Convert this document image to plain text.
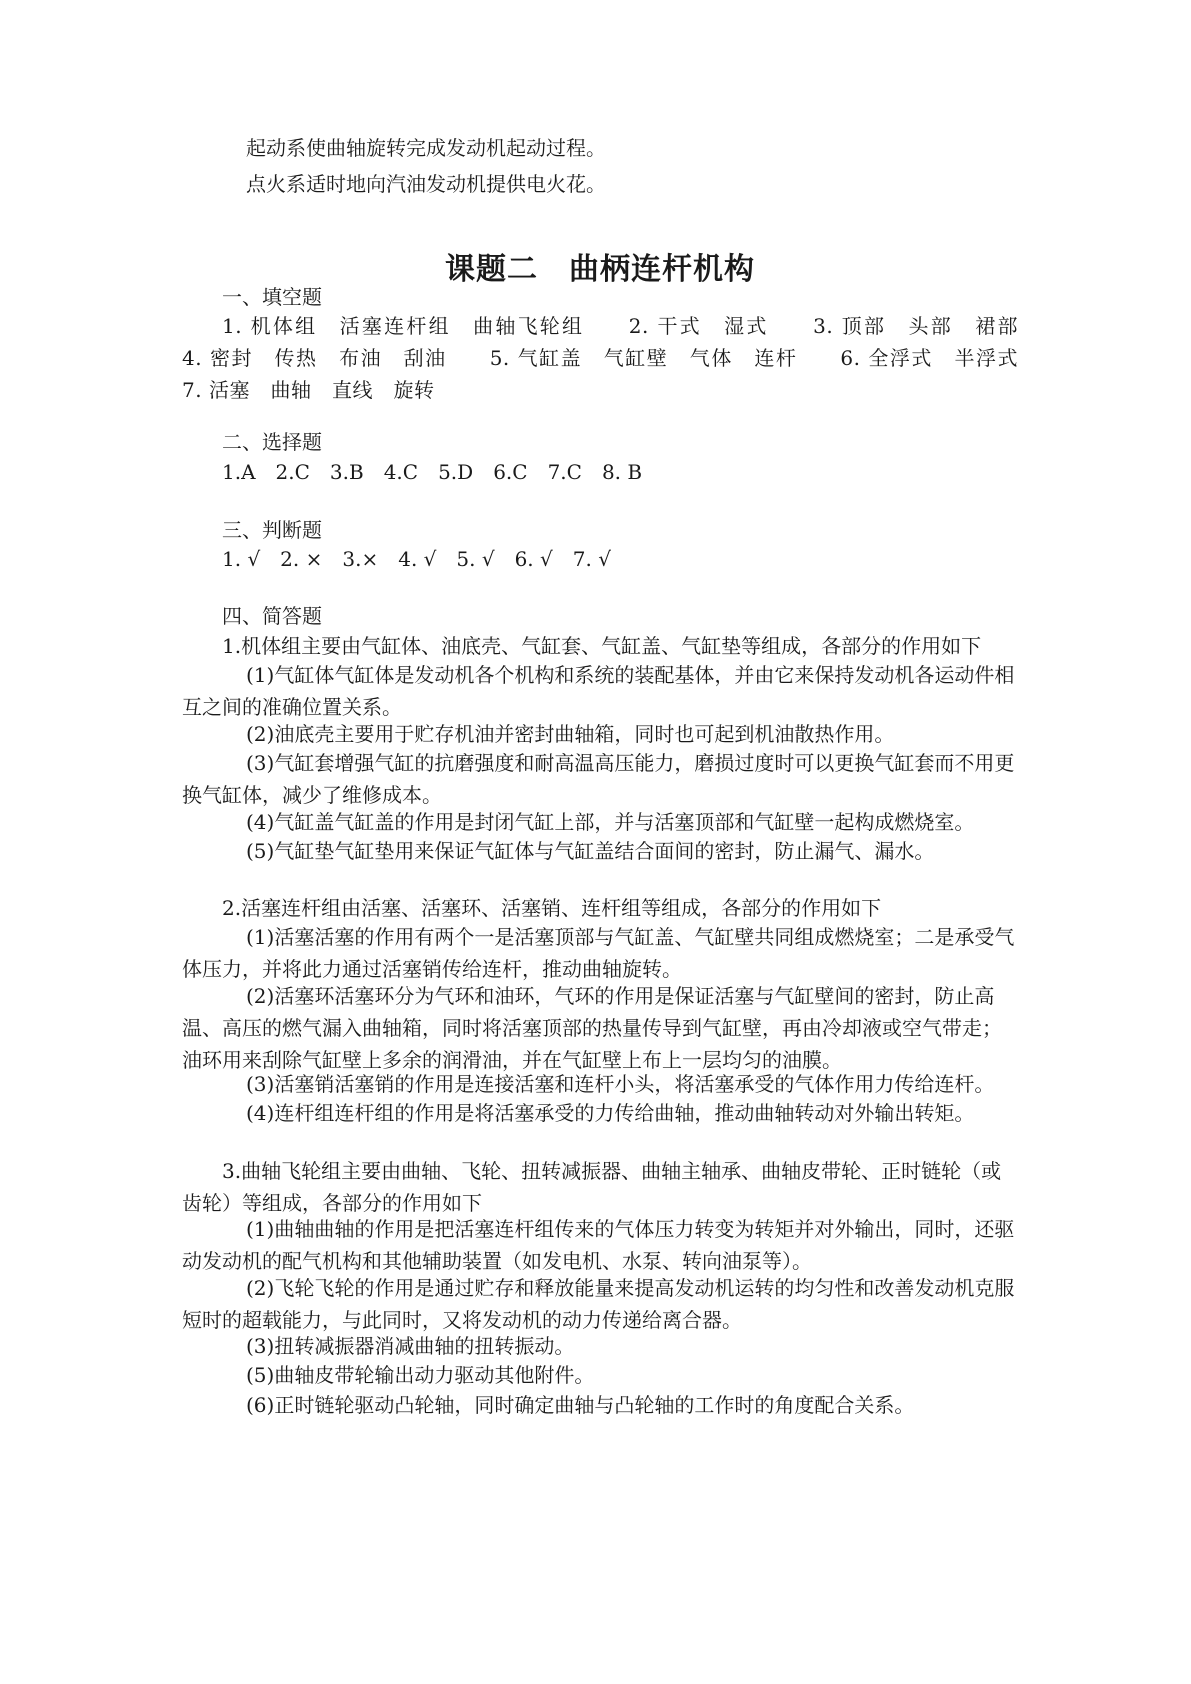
起动系使曲轴旋转完成发动机起动过程。

点火系适时地向汽油发动机提供电火花。

课题二　曲柄连杆机构

一、填空题

1. 机体组　活塞连杆组　曲轴飞轮组　　2. 干式　湿式　　3. 顶部　头部　裙部　　4. 密封　传热　布油　刮油　　5. 气缸盖　气缸壁　气体　连杆　　6. 全浮式　半浮式　　7. 活塞　曲轴　直线　旋转

二、选择题

1.A　2.C　3.B　4.C　5.D　6.C　7.C　8. B

三、判断题

1. √　2. ×　3.×　4. √　5. √　6. √　7. √

四、简答题

1.机体组主要由气缸体、油底壳、气缸套、气缸盖、气缸垫等组成，各部分的作用如下

(1)气缸体气缸体是发动机各个机构和系统的装配基体，并由它来保持发动机各运动件相互之间的准确位置关系。

(2)油底壳主要用于贮存机油并密封曲轴箱，同时也可起到机油散热作用。

(3)气缸套增强气缸的抗磨强度和耐高温高压能力，磨损过度时可以更换气缸套而不用更换气缸体，减少了维修成本。

(4)气缸盖气缸盖的作用是封闭气缸上部，并与活塞顶部和气缸壁一起构成燃烧室。

(5)气缸垫气缸垫用来保证气缸体与气缸盖结合面间的密封，防止漏气、漏水。

2.活塞连杆组由活塞、活塞环、活塞销、连杆组等组成，各部分的作用如下

(1)活塞活塞的作用有两个一是活塞顶部与气缸盖、气缸壁共同组成燃烧室；二是承受气体压力，并将此力通过活塞销传给连杆，推动曲轴旋转。

(2)活塞环活塞环分为气环和油环，气环的作用是保证活塞与气缸壁间的密封，防止高温、高压的燃气漏入曲轴箱，同时将活塞顶部的热量传导到气缸壁，再由冷却液或空气带走；油环用来刮除气缸壁上多余的润滑油，并在气缸壁上布上一层均匀的油膜。

(3)活塞销活塞销的作用是连接活塞和连杆小头，将活塞承受的气体作用力传给连杆。

(4)连杆组连杆组的作用是将活塞承受的力传给曲轴，推动曲轴转动对外输出转矩。

3.曲轴飞轮组主要由曲轴、飞轮、扭转减振器、曲轴主轴承、曲轴皮带轮、正时链轮（或齿轮）等组成，各部分的作用如下

(1)曲轴曲轴的作用是把活塞连杆组传来的气体压力转变为转矩并对外输出，同时，还驱动发动机的配气机构和其他辅助装置（如发电机、水泵、转向油泵等）。

(2)飞轮飞轮的作用是通过贮存和释放能量来提高发动机运转的均匀性和改善发动机克服短时的超载能力，与此同时，又将发动机的动力传递给离合器。

(3)扭转减振器消减曲轴的扭转振动。

(5)曲轴皮带轮输出动力驱动其他附件。

(6)正时链轮驱动凸轮轴，同时确定曲轴与凸轮轴的工作时的角度配合关系。
